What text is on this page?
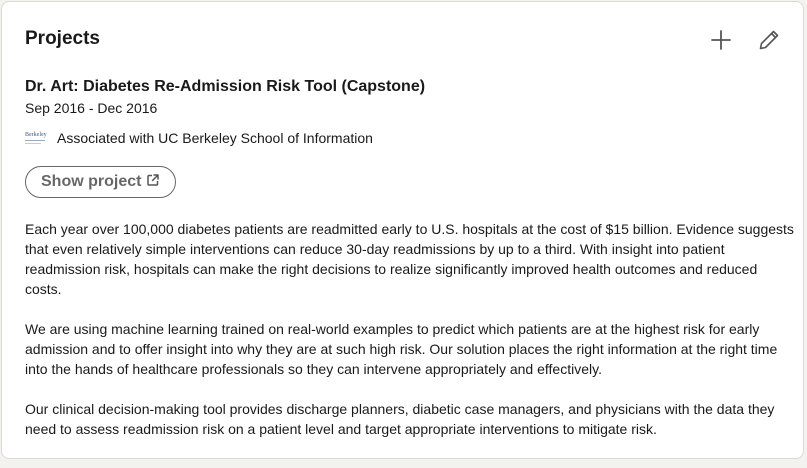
Projects
Dr. Art: Diabetes Re-Admission Risk Tool (Capstone)
Sep 2016 - Dec 2016
Berkeley Associated with UC Berkeley School of Information
Show project

Each year over 100,000 diabetes patients are readmitted early to U.S. hospitals at the cost of $15 billion. Evidence suggests that even relatively simple interventions can reduce 30-day readmissions by up to a third. With insight into patient readmission risk, hospitals can make the right decisions to realize significantly improved health outcomes and reduced costs.

We are using machine learning trained on real-world examples to predict which patients are at the highest risk for early admission and to offer insight into why they are at such high risk. Our solution places the right information at the right time into the hands of healthcare professionals so they can intervene appropriately and effectively.

Our clinical decision-making tool provides discharge planners, diabetic case managers, and physicians with the data they need to assess readmission risk on a patient level and target appropriate interventions to mitigate risk.
